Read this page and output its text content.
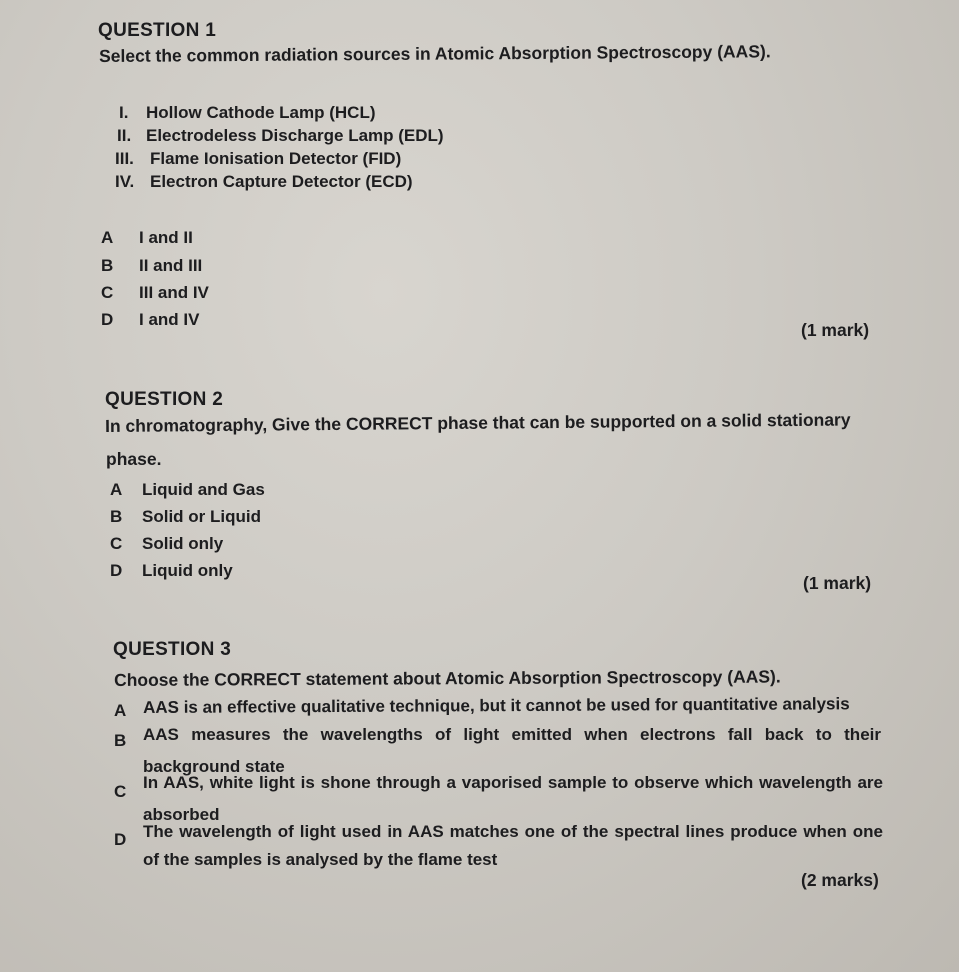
QUESTION 1
Select the common radiation sources in Atomic Absorption Spectroscopy (AAS).
I. Hollow Cathode Lamp (HCL)
II. Electrodeless Discharge Lamp (EDL)
III. Flame Ionisation Detector (FID)
IV. Electron Capture Detector (ECD)
A I and II
B II and III
C III and IV
D I and IV
(1 mark)
QUESTION 2
In chromatography, Give the CORRECT phase that can be supported on a solid stationary
phase.
A Liquid and Gas
B Solid or Liquid
C Solid only
D Liquid only
(1 mark)
QUESTION 3
Choose the CORRECT statement about Atomic Absorption Spectroscopy (AAS).
A AAS is an effective qualitative technique, but it cannot be used for quantitative analysis
B AAS measures the wavelengths of light emitted when electrons fall back to their
background state
C In AAS, white light is shone through a vaporised sample to observe which wavelength are
absorbed
D The wavelength of light used in AAS matches one of the spectral lines produce when one
of the samples is analysed by the flame test
(2 marks)
